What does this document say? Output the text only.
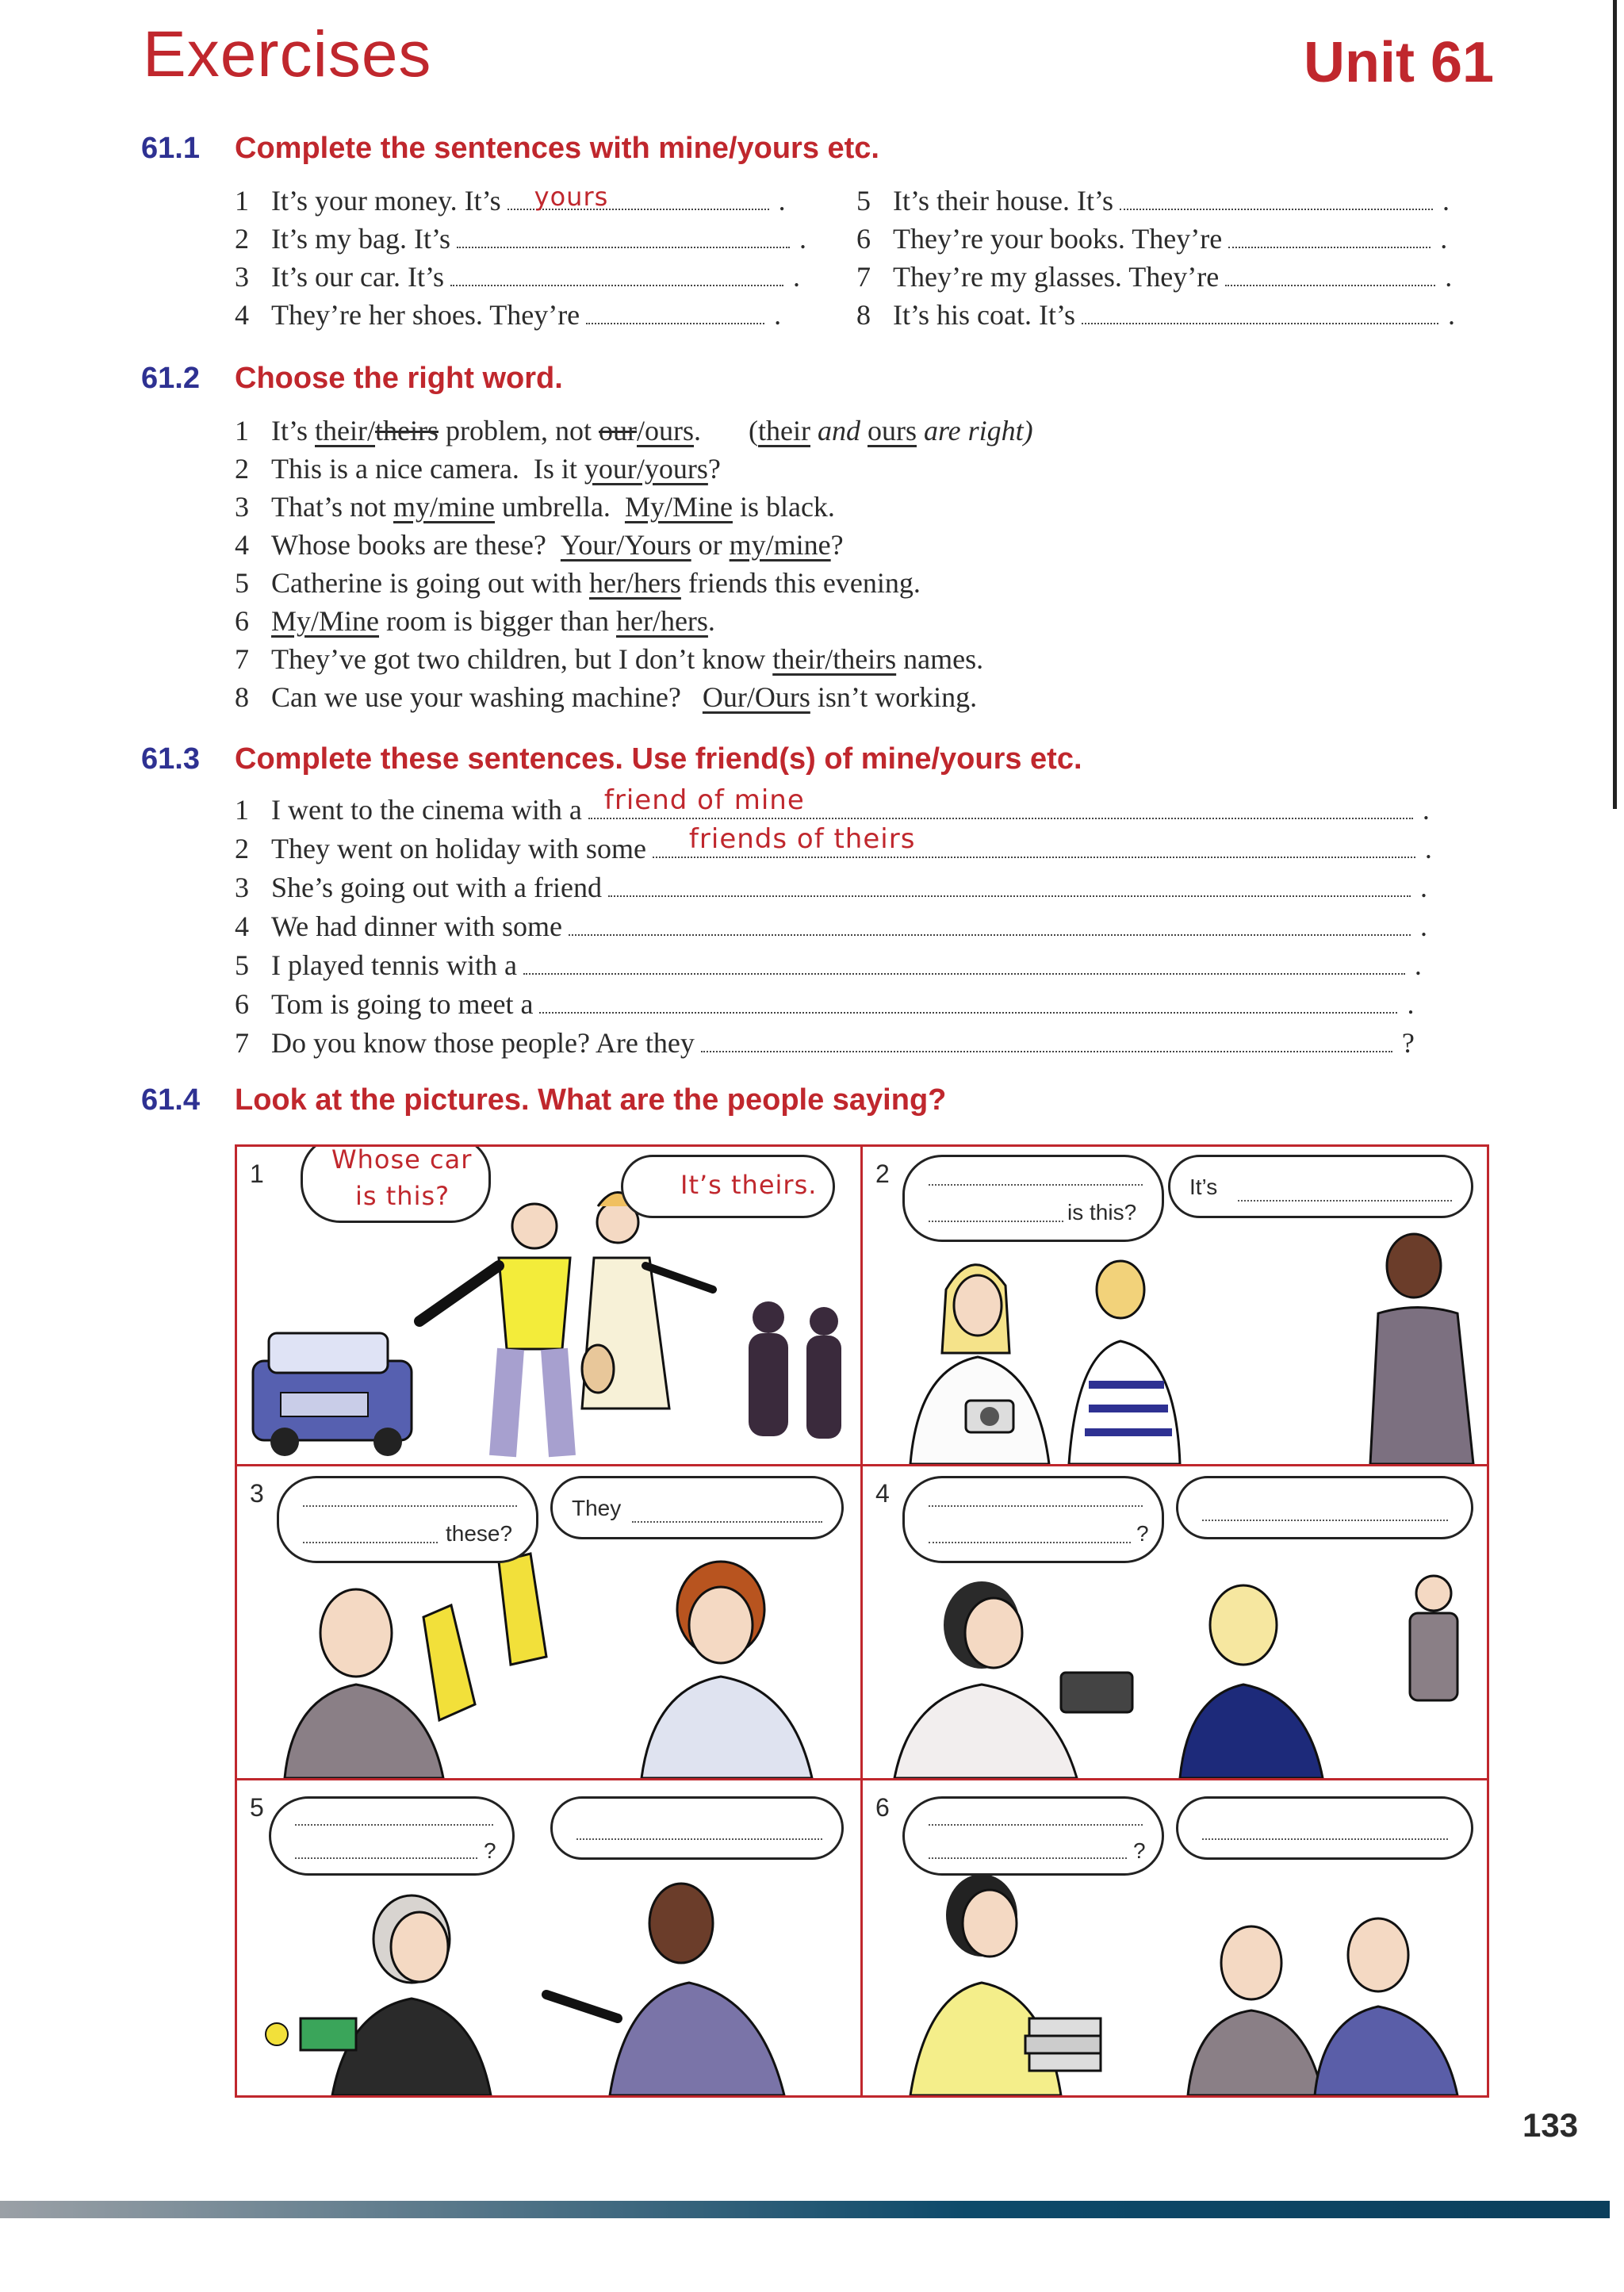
Exercises	Unit 61
61.1 Complete the sentences with mine/yours etc.
1 It’s your money. It’s yours	.
2 It’s my bag. It’s	.
3 It’s our car. It’s	.
4 They’re her shoes. They’re	.
5 It’s their house. It’s	.
6 They’re your books. They’re	.
7 They’re my glasses. They’re	.
8 It’s his coat. It’s	.
61.2 Choose the right word.
1 It’s
their / theirs
problem, not
our / ours . ( their
and
ours
are right)
2 This is a nice camera.  Is it your/yours ?
3 That’s not my/mine umbrella. My/Mine is black.
4 Whose books are these? Your/Yours or my/mine ?
5 Catherine is going out with her/hers friends this evening.
6 My/Mine room is bigger than her/hers .
7 They’ve got two children, but I don’t know their/theirs names.
8 Can we use your washing machine? Our/Ours isn’t working.
61.3 Complete these sentences. Use friend(s) of mine/yours etc.
1 I went to the cinema with a friend of mine	.
2 They went on holiday with some friends of theirs	.
3 She’s going out with a friend	.
4 We had dinner with some	.
5 I played tennis with a	.
6 Tom is going to meet a	.
7 Do you know those people? Are they	?
61.4 Look at the pictures. What are the people saying?
1	Whose car
is this?	It’s theirs. 2
is this?
It’s
3
these?
They
4
?
5
?
6
?
133
